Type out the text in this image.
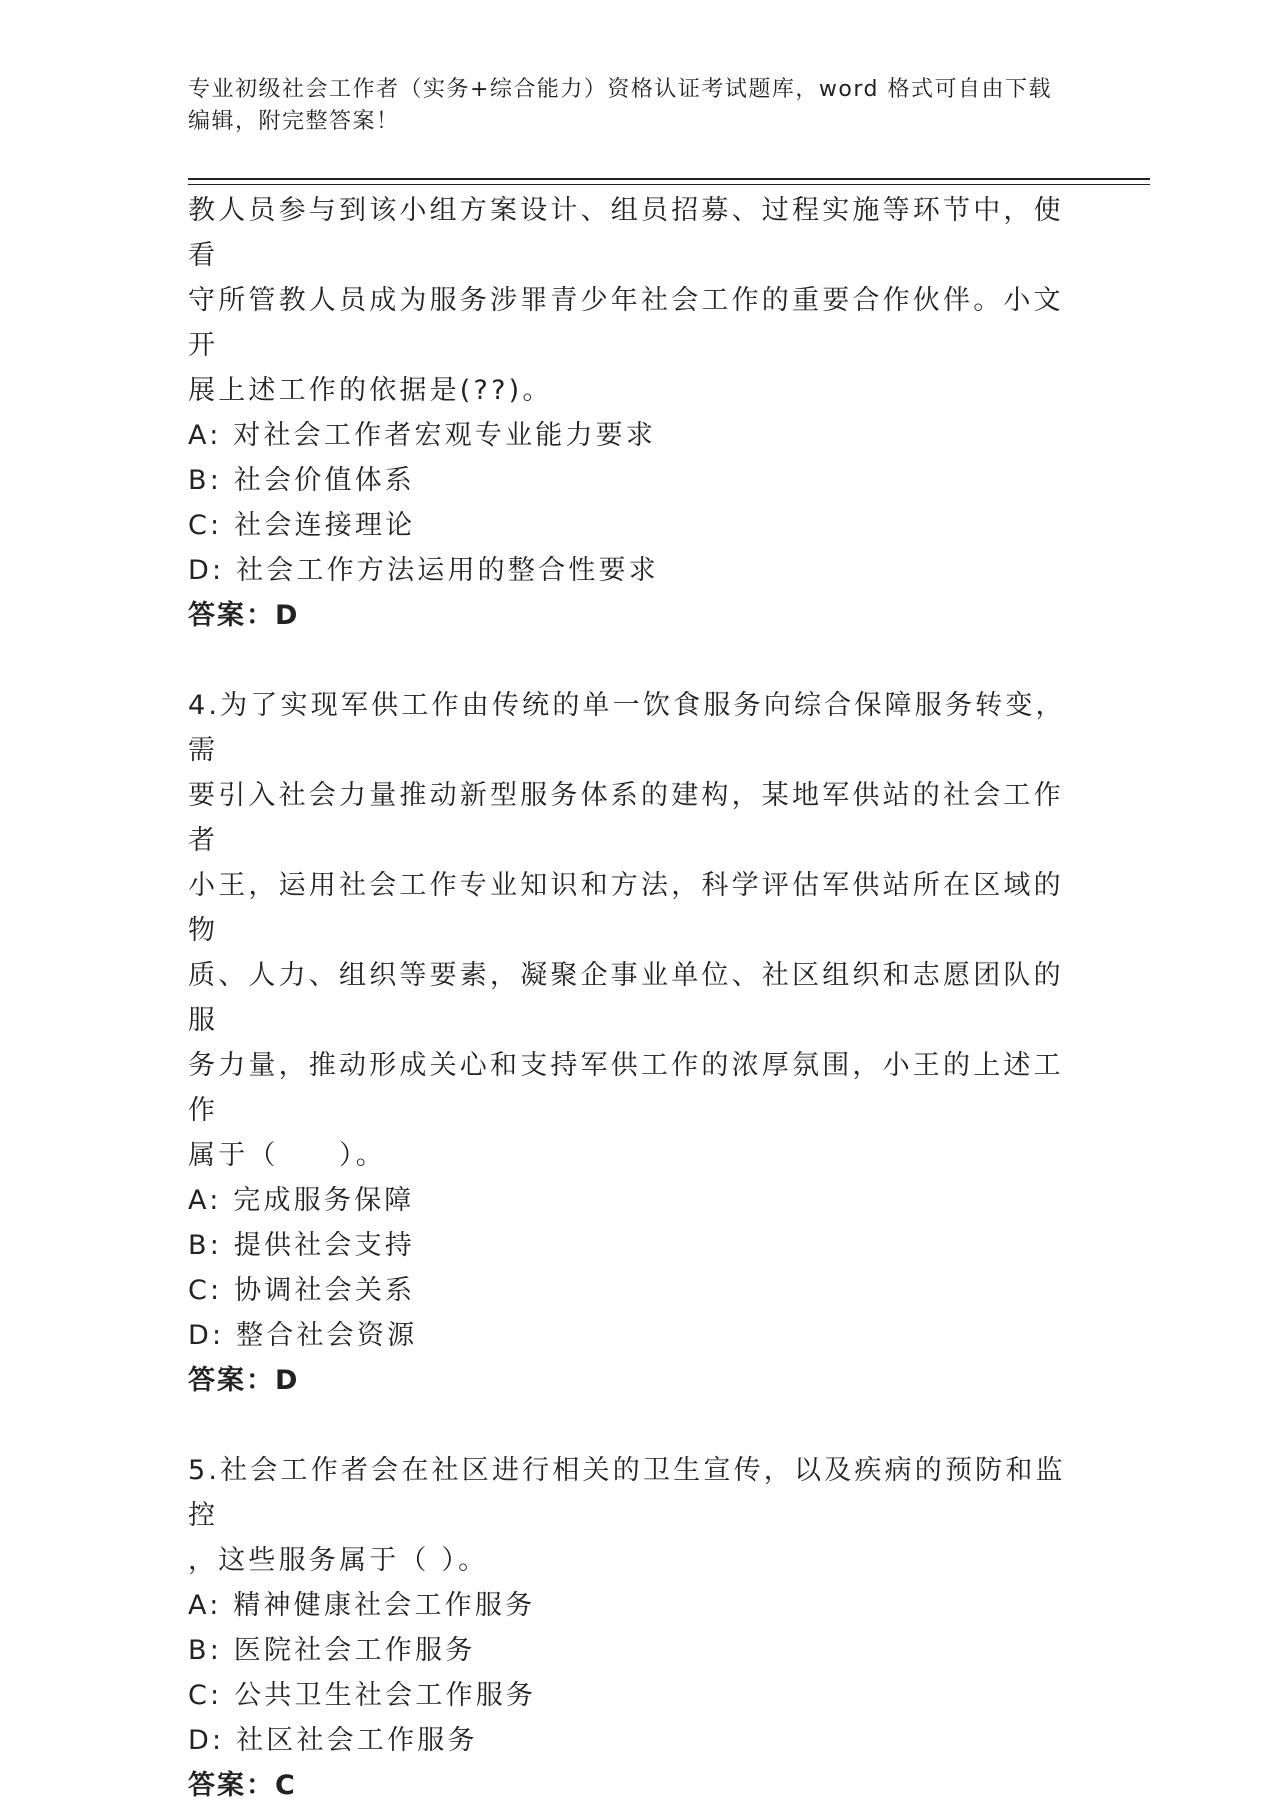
专业初级社会工作者（实务+综合能力）资格认证考试题库，word 格式可自由下载
编辑，附完整答案！

教人员参与到该小组方案设计、组员招募、过程实施等环节中，使看

守所管教人员成为服务涉罪青少年社会工作的重要合作伙伴。小文开

展上述工作的依据是(??)。

A: 对社会工作者宏观专业能力要求

B: 社会价值体系

C: 社会连接理论

D: 社会工作方法运用的整合性要求

答案：D

4.为了实现军供工作由传统的单一饮食服务向综合保障服务转变，需

要引入社会力量推动新型服务体系的建构，某地军供站的社会工作者

小王，运用社会工作专业知识和方法，科学评估军供站所在区域的物

质、人力、组织等要素，凝聚企事业单位、社区组织和志愿团队的服

务力量，推动形成关心和支持军供工作的浓厚氛围，小王的上述工作

属于（　　）。

A: 完成服务保障

B: 提供社会支持

C: 协调社会关系

D: 整合社会资源

答案：D

5.社会工作者会在社区进行相关的卫生宣传，以及疾病的预防和监控

，这些服务属于（ ）。

A: 精神健康社会工作服务

B: 医院社会工作服务

C: 公共卫生社会工作服务

D: 社区社会工作服务

答案：C
